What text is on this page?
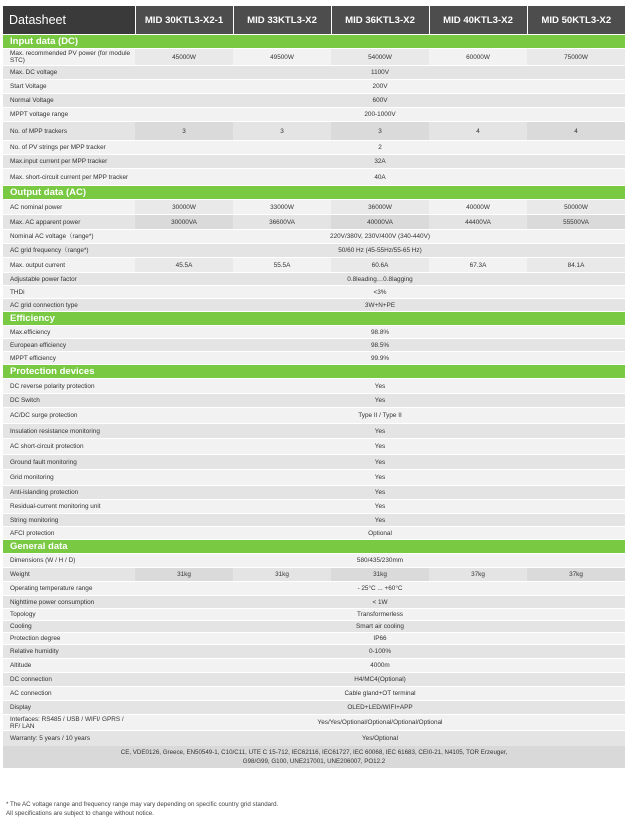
Datasheet	MID 30KTL3-X2-1	MID 33KTL3-X2	MID 36KTL3-X2	MID 40KTL3-X2	MID 50KTL3-X2
Input data (DC)					
Max. recommended PV power (for module STC)	45000W	49500W	54000W	60000W	75000W
Max. DC voltage	1100V				
Start Voltage	200V				
Normal Voltage	600V				
MPPT voltage range	200-1000V				
No. of MPP trackers	3	3	3	4	4
No. of PV strings per MPP tracker	2				
Max.input current per MPP tracker	32A				
Max. short-circuit current per MPP tracker	40A				
Output data (AC)					
AC nominal power	30000W	33000W	36000W	40000W	50000W
Max. AC apparent power	30000VA	36600VA	40000VA	44400VA	55500VA
Nominal AC voltage（range*)	220V/380V, 230V/400V (340-440V)				
AC grid frequency（range*)	50/60 Hz (45-55Hz/55-65 Hz)				
Max. output current	45.5A	55.5A	60.6A	67.3A	84.1A
Adjustable power factor	0.8leading…0.8lagging				
THDi	<3%				
AC grid connection type	3W+N+PE				
Efficiency					
Max.efficiency	98.8%				
European efficiency	98.5%				
MPPT efficiency	99.9%				
Protection devices					
DC reverse polarity protection	Yes				
DC Switch	Yes				
AC/DC surge protection	Type II / Type II				
Insulation resistance monitoring	Yes				
AC short-circuit protection	Yes				
Ground fault monitoring	Yes				
Grid monitoring	Yes				
Anti-islanding protection	Yes				
Residual-current monitoring unit	Yes				
String monitoring	Yes				
AFCI protection	Optional				
General data					
Dimensions (W / H / D)	580/435/230mm				
Weight	31kg	31kg	31kg	37kg	37kg
Operating temperature range	- 25°C ... +60°C				
Nighttime power consumption	< 1W				
Topology	Transformerless				
Cooling	Smart air cooling				
Protection degree	IP66				
Relative humidity	0-100%				
Altitude	4000m				
DC connection	H4/MC4(Optional)				
AC connection	Cable gland+OT terminal				
Display	OLED+LED/WIFI+APP				
Interfaces: RS485 / USB / WIFI/ GPRS / RF/ LAN	Yes/Yes/Optional/Optional/Optional/Optional				
Warranty: 5 years / 10 years	Yes/Optional				

CE, VDE0126, Greece, EN50549-1, C10/C11, UTE C 15-712, IEC62116, IEC61727, IEC 60068, IEC 61683, CEI0-21, N4105, TOR Erzeuger,
G98/G99, G100, UNE217001, UNE206007, PO12.2					
* The AC voltage range and frequency range may vary depending on specific country grid standard.
All specifications are subject to change without notice.
